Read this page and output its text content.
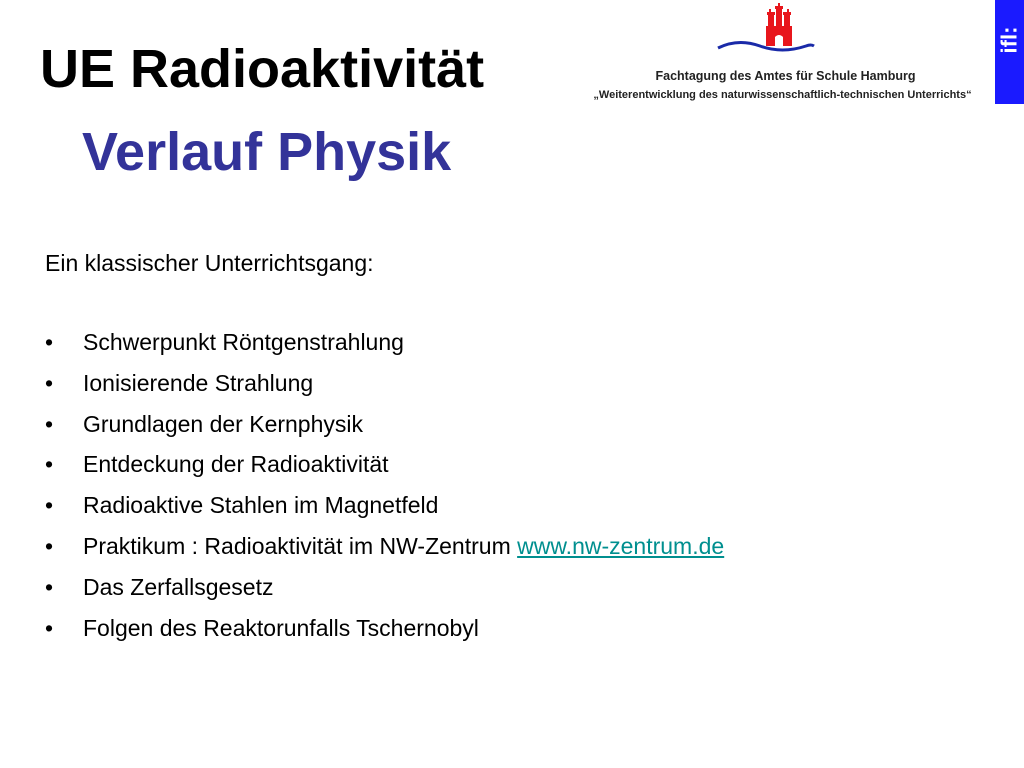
UE Radioaktivität
Verlauf Physik
Fachtagung des Amtes für Schule Hamburg
„Weiterentwicklung des naturwissenschaftlich-technischen Unterrichts“
ifl:
Ein klassischer Unterrichtsgang:
• Schwerpunkt Röntgenstrahlung
• Ionisierende Strahlung
• Grundlagen der Kernphysik
• Entdeckung der Radioaktivität
• Radioaktive Stahlen im Magnetfeld
• Praktikum : Radioaktivität im NW-Zentrum www.nw-zentrum.de
• Das Zerfallsgesetz
• Folgen des Reaktorunfalls Tschernobyl
